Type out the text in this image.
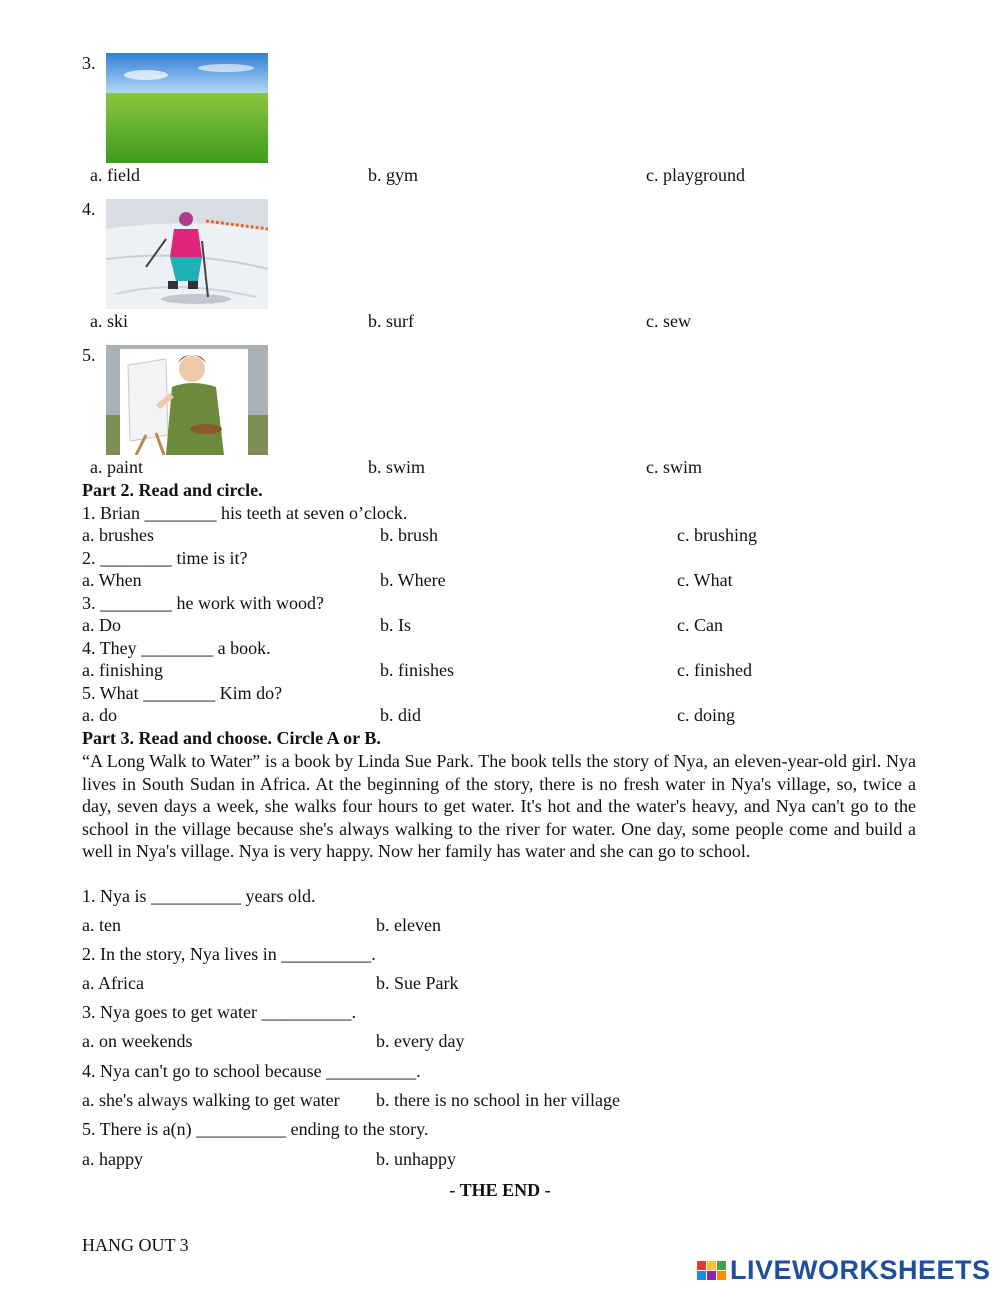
3.
a. field	b. gym	c. playground
4.
a. ski	b. surf	c. sew
5.
a. paint	b. swim	c. swim
Part 2. Read and circle.
1. Brian ________ his teeth at seven o’clock.
a. brushes	b. brush	c. brushing
2. ________ time is it?
a. When	b. Where	c. What
3. ________ he work with wood?
a. Do	b. Is	c. Can
4. They ________ a book.
a. finishing	b. finishes	c. finished
5. What ________ Kim do?
a. do	b. did	c. doing
Part 3. Read and choose. Circle A or B.
“A Long Walk to Water” is a book by Linda Sue Park. The book tells the story of Nya, an eleven-year-old girl. Nya lives in South Sudan in Africa. At the beginning of the story, there is no fresh water in Nya's village, so, twice a day, seven days a week, she walks four hours to get water. It's hot and the water's heavy, and Nya can't go to the school in the village because she's always walking to the river for water. One day, some people come and build a well in Nya's village. Nya is very happy. Now her family has water and she can go to school.
1. Nya is __________ years old.
a. ten	b. eleven
2. In the story, Nya lives in __________.
a. Africa	b. Sue Park
3. Nya goes to get water __________.
a. on weekends	b. every day
4. Nya can't go to school because __________.
a. she's always walking to get water b. there is no school in her village
5. There is a(n) __________ ending to the story.
a. happy	b. unhappy
- THE END -
HANG OUT 3
LIVEWORKSHEETS
